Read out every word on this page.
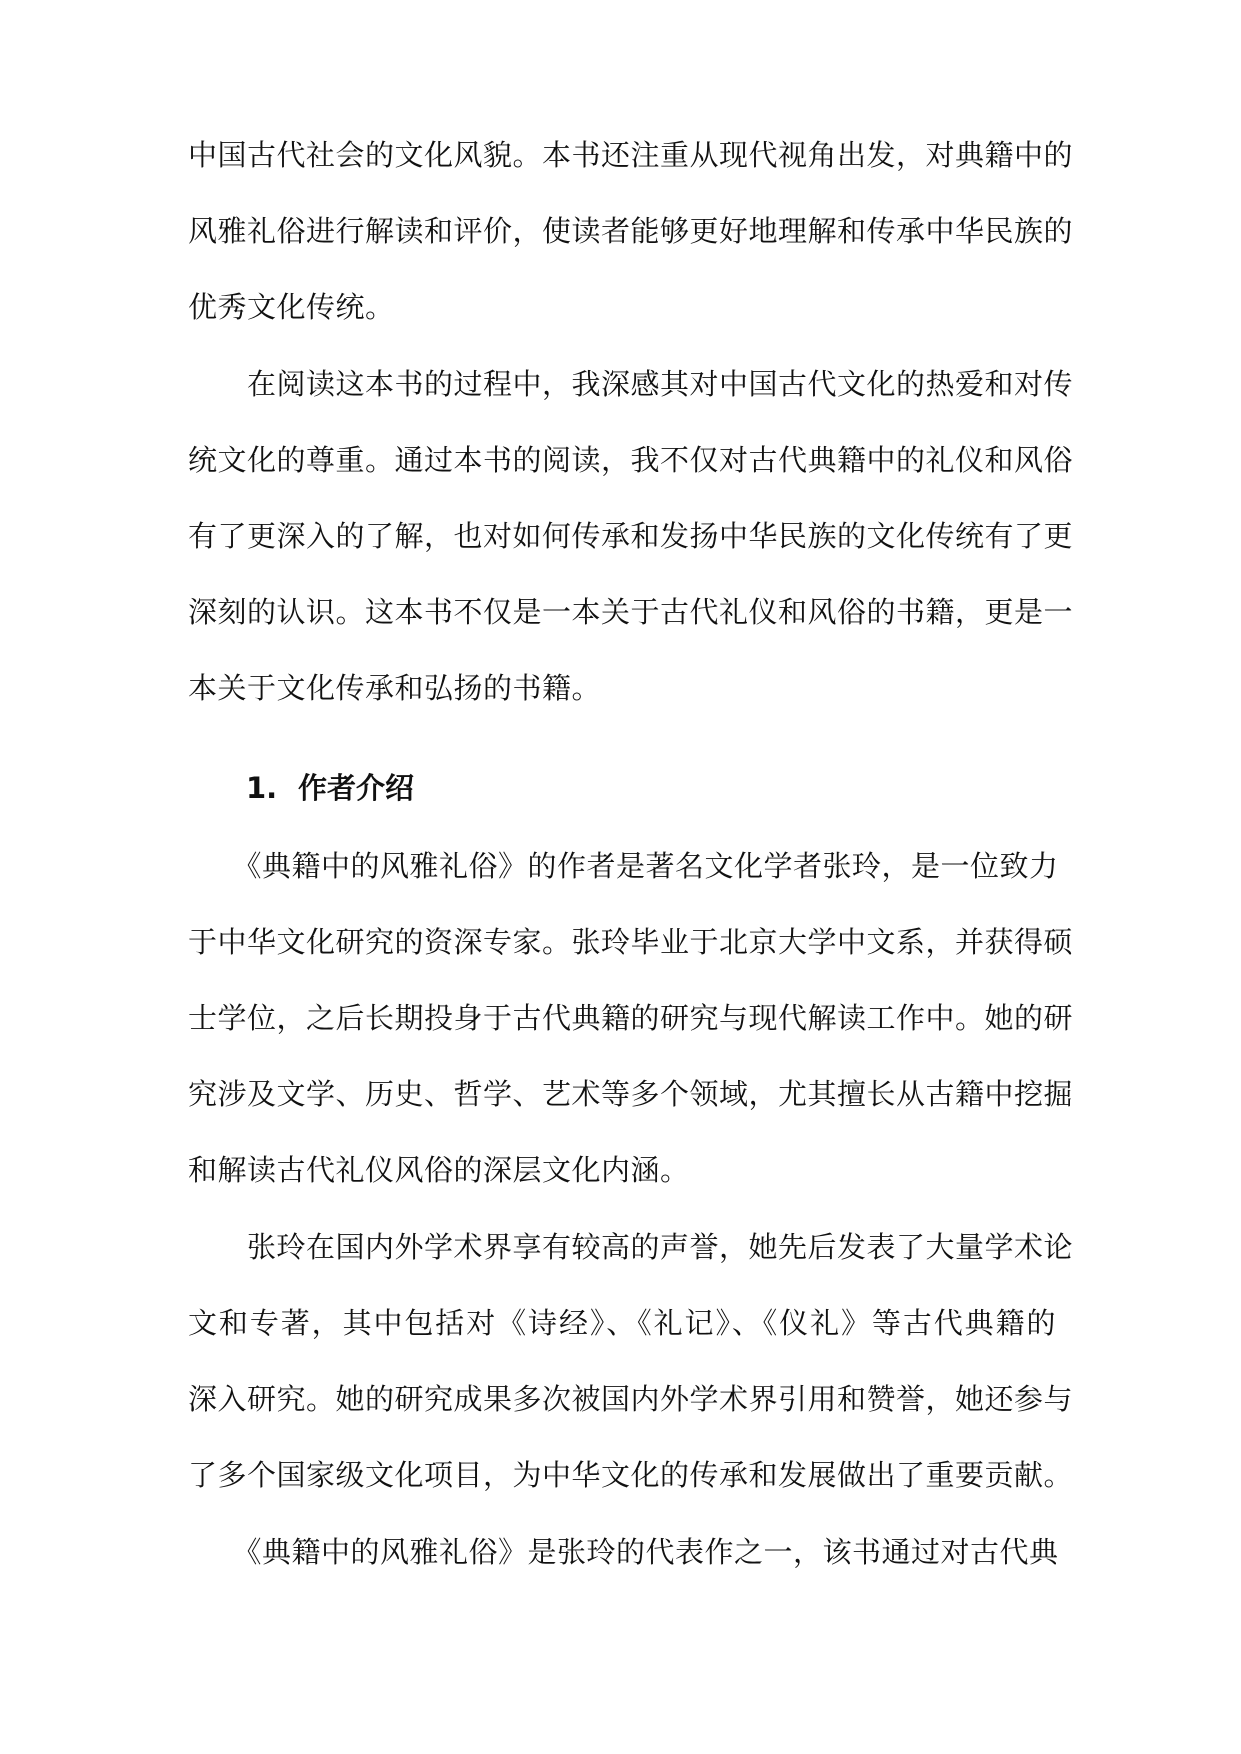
中国古代社会的文化风貌。本书还注重从现代视角出发，对典籍中的
风雅礼俗进行解读和评价，使读者能够更好地理解和传承中华民族的
优秀文化传统。
　　在阅读这本书的过程中，我深感其对中国古代文化的热爱和对传
统文化的尊重。通过本书的阅读，我不仅对古代典籍中的礼仪和风俗
有了更深入的了解，也对如何传承和发扬中华民族的文化传统有了更
深刻的认识。这本书不仅是一本关于古代礼仪和风俗的书籍，更是一
本关于文化传承和弘扬的书籍。
1. 作者介绍
　　《典籍中的风雅礼俗》的作者是著名文化学者张玲，是一位致力
于中华文化研究的资深专家。张玲毕业于北京大学中文系，并获得硕
士学位，之后长期投身于古代典籍的研究与现代解读工作中。她的研
究涉及文学、历史、哲学、艺术等多个领域，尤其擅长从古籍中挖掘
和解读古代礼仪风俗的深层文化内涵。
　　张玲在国内外学术界享有较高的声誉，她先后发表了大量学术论
文和专著，其中包括对《诗经》、《礼记》、《仪礼》等古代典籍的
深入研究。她的研究成果多次被国内外学术界引用和赞誉，她还参与
了多个国家级文化项目，为中华文化的传承和发展做出了重要贡献。
　　《典籍中的风雅礼俗》是张玲的代表作之一，该书通过对古代典
